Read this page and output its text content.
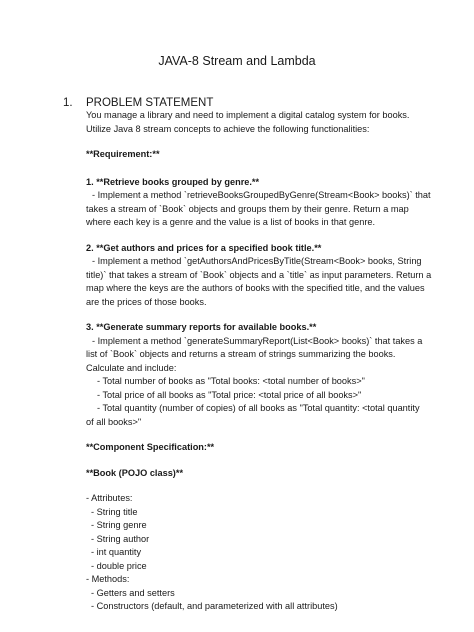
JAVA-8 Stream and Lambda
1. PROBLEM STATEMENT
You manage a library and need to implement a digital catalog system for books.
Utilize Java 8 stream concepts to achieve the following functionalities:
**Requirement:**
1. **Retrieve books grouped by genre.**
- Implement a method `retrieveBooksGroupedByGenre(Stream<Book> books)` that
takes a stream of `Book` objects and groups them by their genre. Return a map
where each key is a genre and the value is a list of books in that genre.
2. **Get authors and prices for a specified book title.**
- Implement a method `getAuthorsAndPricesByTitle(Stream<Book> books, String
title)` that takes a stream of `Book` objects and a `title` as input parameters. Return a
map where the keys are the authors of books with the specified title, and the values
are the prices of those books.
3. **Generate summary reports for available books.**
- Implement a method `generateSummaryReport(List<Book> books)` that takes a
list of `Book` objects and returns a stream of strings summarizing the books.
Calculate and include:
- Total number of books as "Total books: <total number of books>"
- Total price of all books as "Total price: <total price of all books>"
- Total quantity (number of copies) of all books as "Total quantity: <total quantity
of all books>"
**Component Specification:**
**Book (POJO class)**
- Attributes:
- String title
- String genre
- String author
- int quantity
- double price
- Methods:
- Getters and setters
- Constructors (default, and parameterized with all attributes)
